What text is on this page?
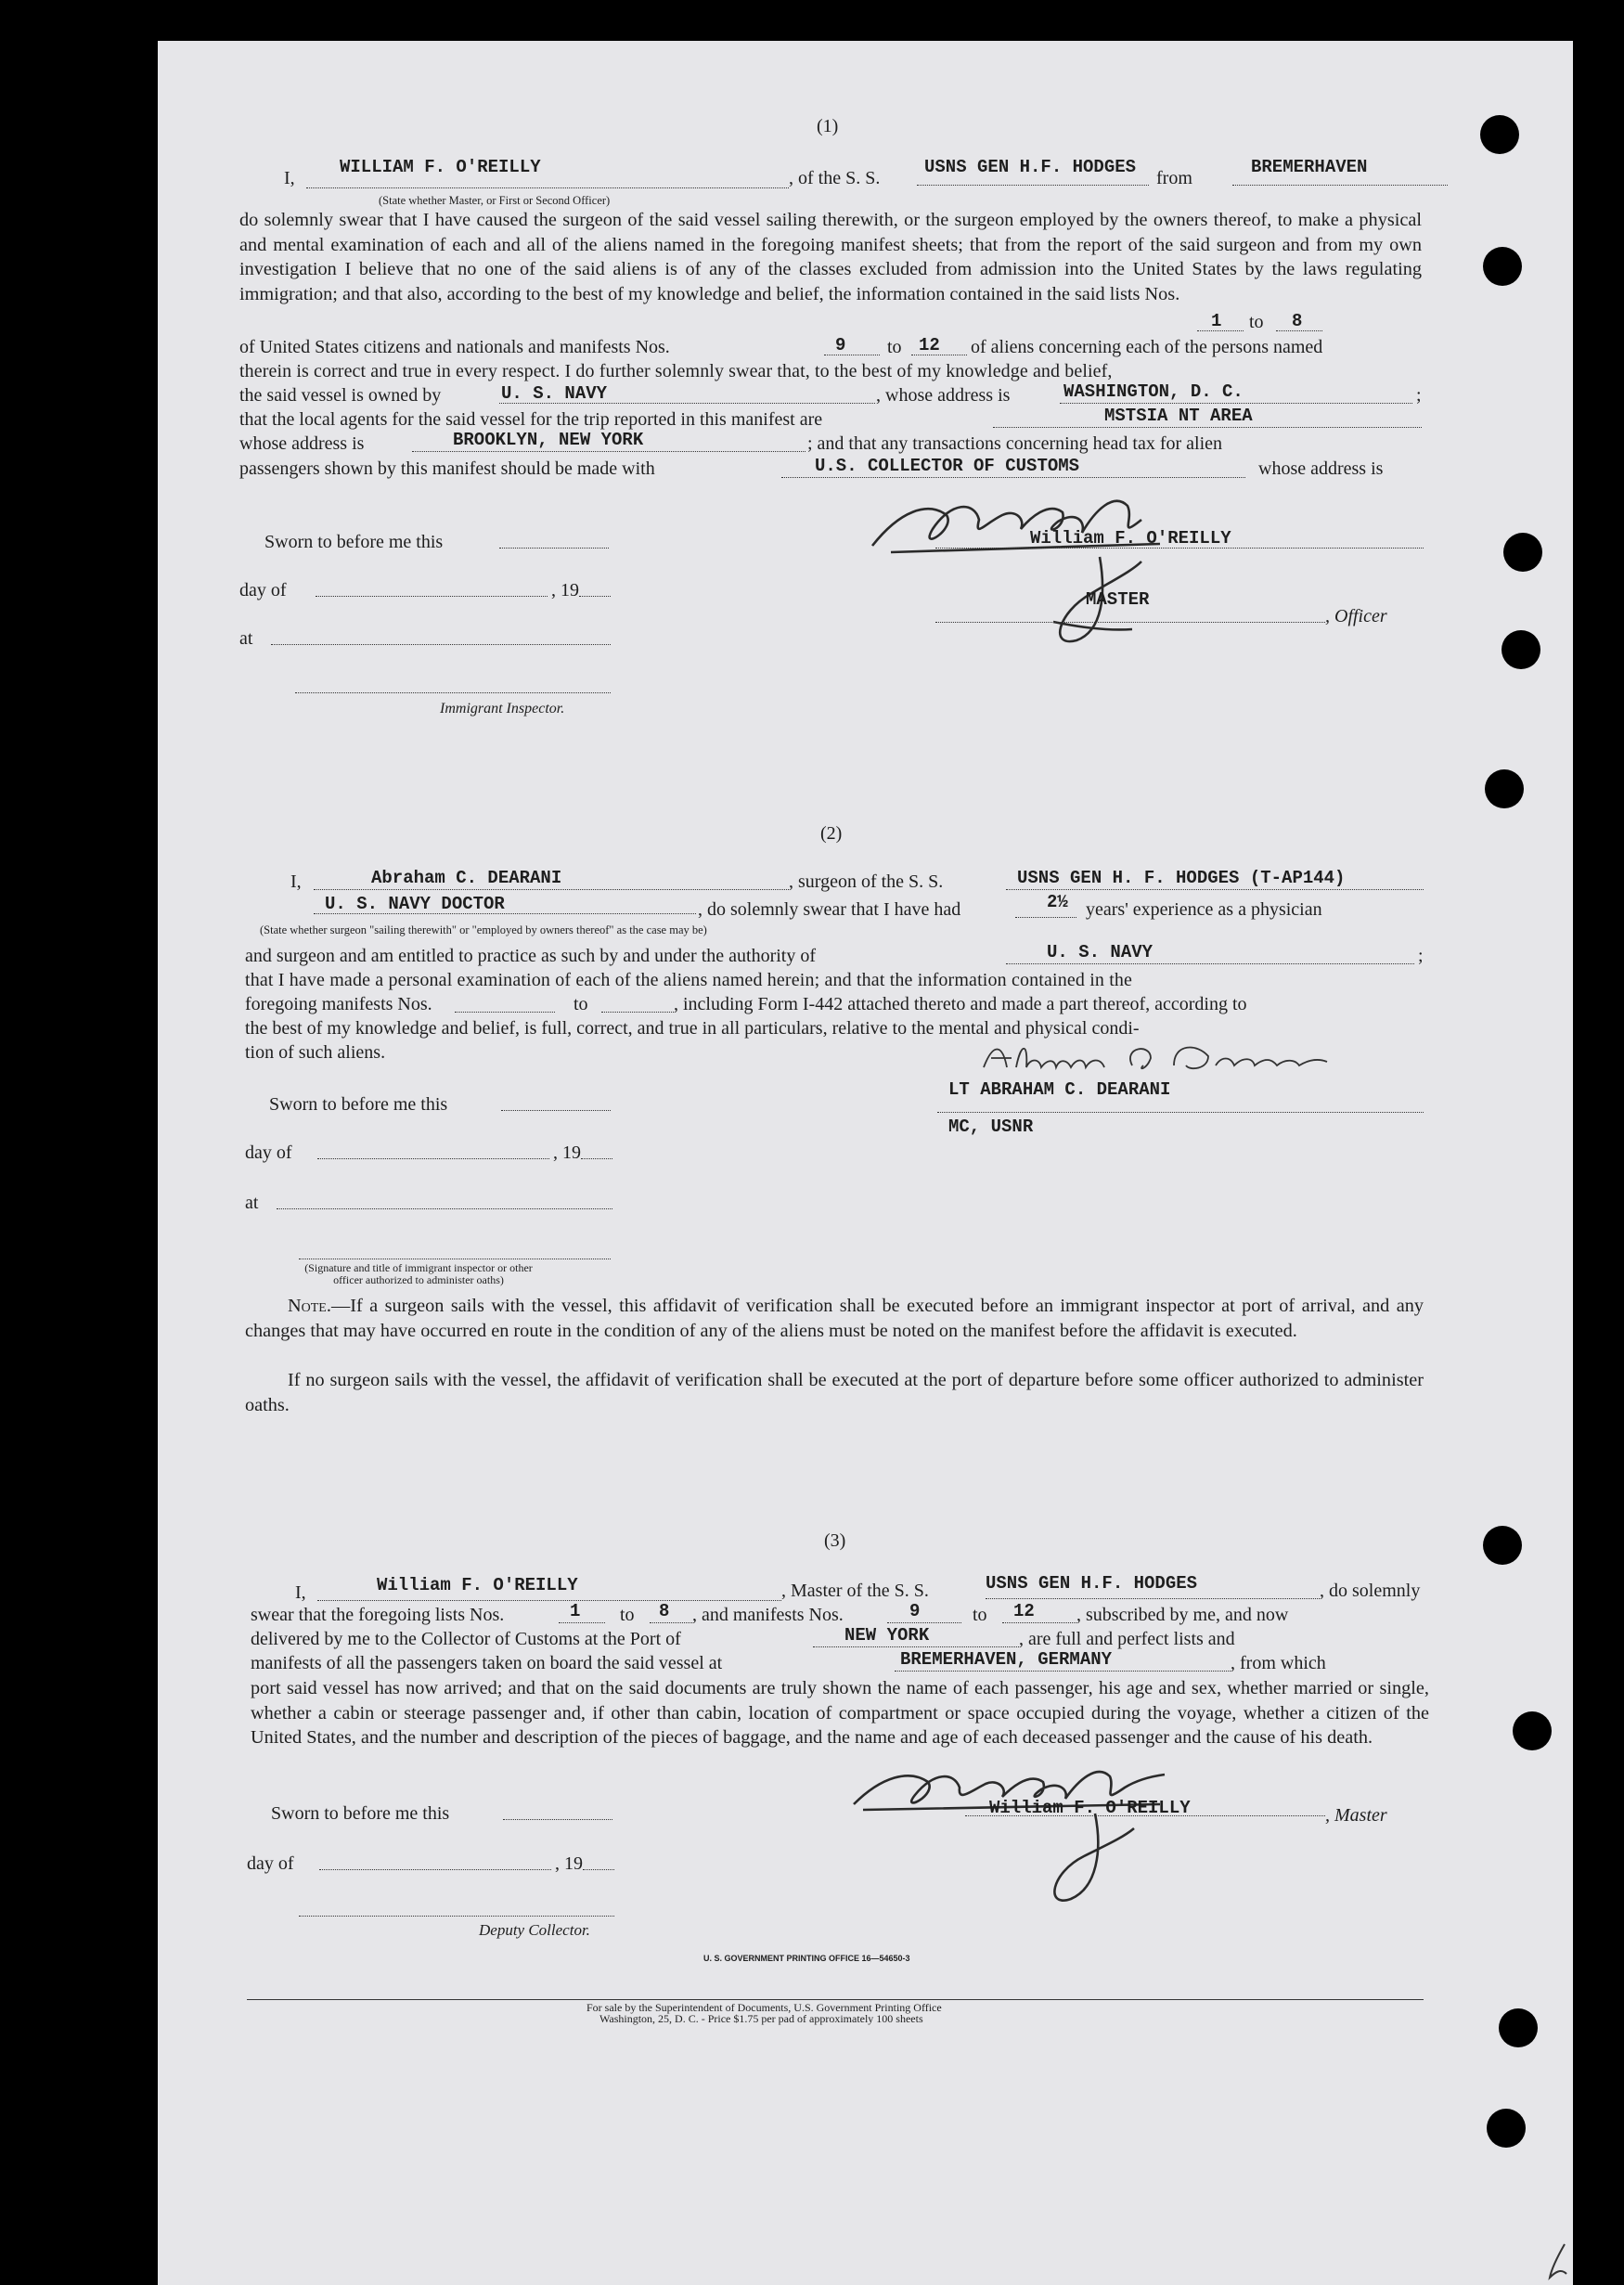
(1)
I,
WILLIAM F. O'REILLY
(State whether Master, or First or Second Officer)
, of the S. S.
USNS GEN H.F. HODGES
from
BREMERHAVEN
do solemnly swear that I have caused the surgeon of the said vessel sailing therewith, or the surgeon employed by the owners thereof, to make a physical and mental examination of each and all of the aliens named in the foregoing manifest sheets; that from the report of the said surgeon and from my own investigation I believe that no one of the said aliens is of any of the classes excluded from admission into the United States by the laws regulating immigration; and that also, according to the best of my knowledge and belief, the information contained in the said lists Nos.
1 to 8
of United States citizens and nationals and manifests Nos.	9 to 12 of aliens concerning each of the persons named
therein is correct and true in every respect. I do further solemnly swear that, to the best of my knowledge and belief,
the said vessel is owned by	U. S. NAVY	, whose address is	WASHINGTON, D. C.	;
that the local agents for the said vessel for the trip reported in this manifest are	MSTSIA NT AREA
whose address is	BROOKLYN, NEW YORK	; and that any transactions concerning head tax for alien
passengers shown by this manifest should be made with	U.S. COLLECTOR OF CUSTOMS	whose address is
Sworn to before me this
day of	, 19
at
Immigrant Inspector.
William F. O'REILLY
MASTER
, Officer
(2)
I,	Abraham C. DEARANI	, surgeon of the S. S.	USNS GEN H. F. HODGES (T-AP144)
U. S. NAVY DOCTOR	, do solemnly swear that I have had	2½ years' experience as a physician
(State whether surgeon "sailing therewith" or "employed by owners thereof" as the case may be)
and surgeon and am entitled to practice as such by and under the authority of	U. S. NAVY	;
that I have made a personal examination of each of the aliens named herein; and that the information contained in the
foregoing manifests Nos.	to	, including Form I-442 attached thereto and made a part thereof, according to
the best of my knowledge and belief, is full, correct, and true in all particulars, relative to the mental and physical condi-
tion of such aliens.
LT ABRAHAM C. DEARANI
MC, USNR
Sworn to before me this
day of	, 19
at
(Signature and title of immigrant inspector or other officer authorized to administer oaths)
Note.—If a surgeon sails with the vessel, this affidavit of verification shall be executed before an immigrant inspector at port of arrival, and any changes that may have occurred en route in the condition of any of the aliens must be noted on the manifest before the affidavit is executed.
If no surgeon sails with the vessel, the affidavit of verification shall be executed at the port of departure before some officer authorized to administer oaths.
(3)
I,	William F. O'REILLY	, Master of the S. S.	USNS GEN H.F. HODGES	, do solemnly
swear that the foregoing lists Nos.	1 to 8 , and manifests Nos.	9	to 12 , subscribed by me, and now
delivered by me to the Collector of Customs at the Port of	NEW YORK	, are full and perfect lists and
manifests of all the passengers taken on board the said vessel at	BREMERHAVEN, GERMANY	, from which
port said vessel has now arrived; and that on the said documents are truly shown the name of each passenger, his age and sex, whether married or single, whether a cabin or steerage passenger and, if other than cabin, location of compartment or space occupied during the voyage, whether a citizen of the United States, and the number and description of the pieces of baggage, and the name and age of each deceased passenger and the cause of his death.
Sworn to before me this
day of	, 19
Deputy Collector.
William F. O'REILLY	, Master
U. S. GOVERNMENT PRINTING OFFICE 16—54650-3
For sale by the Superintendent of Documents, U.S. Government Printing Office
Washington, 25, D. C. - Price $1.75 per pad of approximately 100 sheets
